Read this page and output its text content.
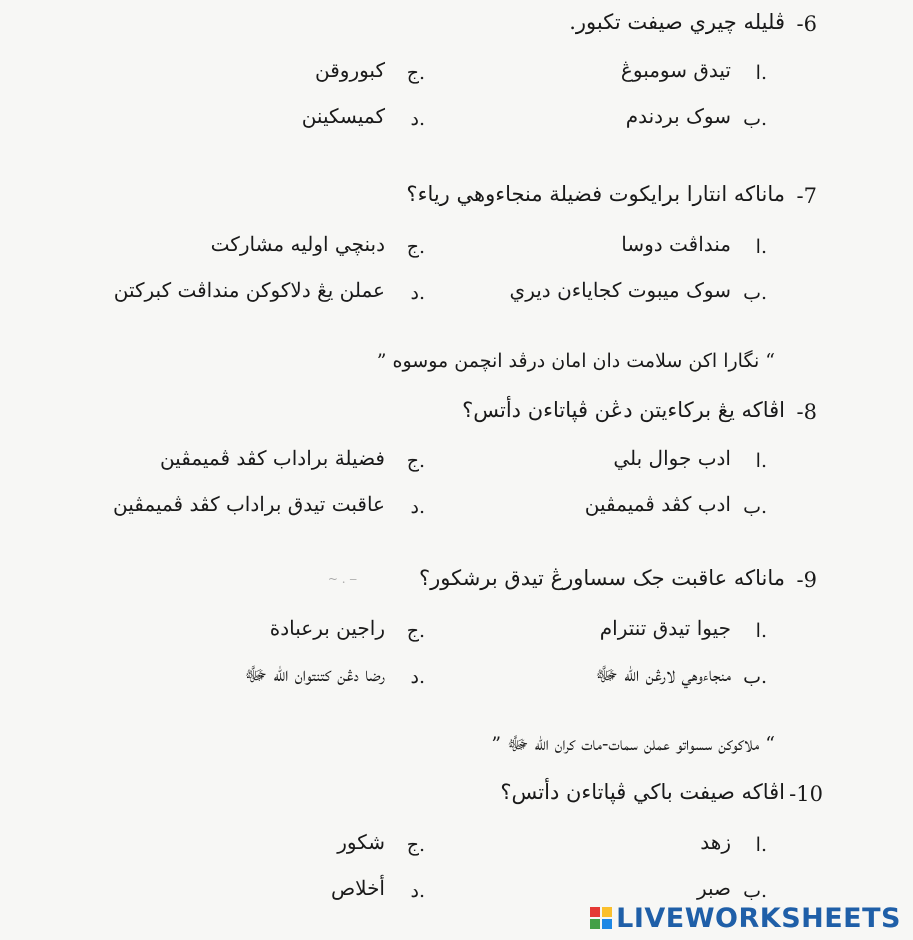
-6
ڤليله چيري صيفت تکبور.
ا.
تيدق سومبوڠ
ب.
سوک بردندم
ج.
کبوروقن
د.
کميسکينن
-7
ماناکه انتارا برايکوت فضيلة منجاءوهي رياء؟
ا.
منداڤت دوسا
ب.
سوک ميبوت کجاياءن ديري
ج.
دبنچي اوليه مشارکت
د.
عملن يڠ دلاکوکن منداڤت کبرکتن
“ نگارا اکن سلامت دان امان درڤد انچمن موسوه ”
-8
اڤاکه يڠ برکاءيتن دڠن ڤپاتاءن دأتس؟
ا.
ادب جوال بلي
ب.
ادب کڤد ڤميمڤين
ج.
فضيلة براداب کڤد ڤميمڤين
د.
عاقبت تيدق براداب کڤد ڤميمڤين
-9
ماناکه عاقبت جک سساورڠ تيدق برشکور؟
~ . ‒
ا.
جيوا تيدق تنترام
ب.
منجاءوهي لارڠن الله ﷻ
ج.
راجين برعبادة
د.
رضا دڠن کتنتوان الله ﷻ
“ ملاکوکن سسواتو عملن سمات-مات کران الله ﷻ ”
-10
اڤاکه صيفت باکي ڤپاتاءن دأتس؟
ا.
زهد
ب.
صبر
ج.
شکور
د.
أخلاص
LIVEWORKSHEETS
